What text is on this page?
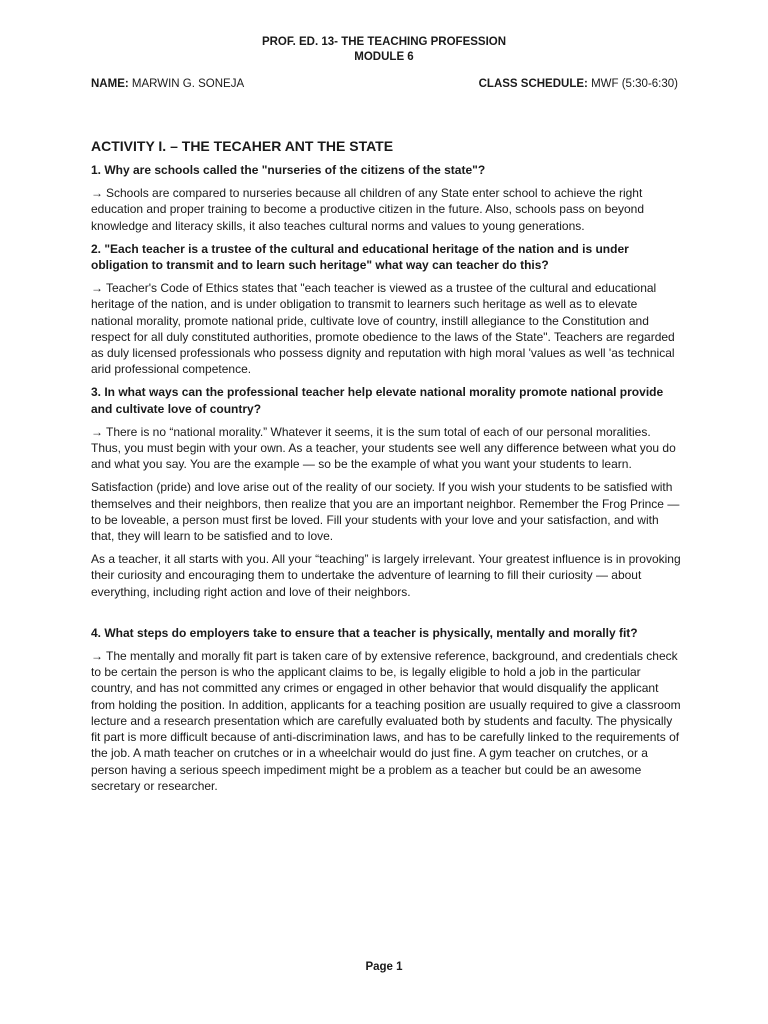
PROF. ED. 13- THE TEACHING PROFESSION
MODULE 6
NAME: MARWIN G. SONEJA	CLASS SCHEDULE: MWF (5:30-6:30)
ACTIVITY I. – THE TECAHER ANT THE STATE
1. Why are schools called the "nurseries of the citizens of the state"?
→ Schools are compared to nurseries because all children of any State enter school to achieve the right education and proper training to become a productive citizen in the future. Also, schools pass on beyond knowledge and literacy skills, it also teaches cultural norms and values to young generations.
2. "Each teacher is a trustee of the cultural and educational heritage of the nation and is under obligation to transmit and to learn such heritage" what way can teacher do this?
→ Teacher's Code of Ethics states that "each teacher is viewed as a trustee of the cultural and educational heritage of the nation, and is under obligation to transmit to learners such heritage as well as to elevate national morality, promote national pride, cultivate love of country, instill allegiance to the Constitution and respect for all duly constituted authorities, promote obedience to the laws of the State". Teachers are regarded as duly licensed professionals who possess dignity and reputation with high moral 'values as well 'as technical arid professional competence.
3. In what ways can the professional teacher help elevate national morality promote national provide and cultivate love of country?
→ There is no “national morality.” Whatever it seems, it is the sum total of each of our personal moralities. Thus, you must begin with your own. As a teacher, your students see well any difference between what you do and what you say. You are the example — so be the example of what you want your students to learn.
Satisfaction (pride) and love arise out of the reality of our society. If you wish your students to be satisfied with themselves and their neighbors, then realize that you are an important neighbor. Remember the Frog Prince — to be loveable, a person must first be loved. Fill your students with your love and your satisfaction, and with that, they will learn to be satisfied and to love.
As a teacher, it all starts with you. All your “teaching” is largely irrelevant. Your greatest influence is in provoking their curiosity and encouraging them to undertake the adventure of learning to fill their curiosity — about everything, including right action and love of their neighbors.
4. What steps do employers take to ensure that a teacher is physically, mentally and morally fit?
→ The mentally and morally fit part is taken care of by extensive reference, background, and credentials check to be certain the person is who the applicant claims to be, is legally eligible to hold a job in the particular country, and has not committed any crimes or engaged in other behavior that would disqualify the applicant from holding the position. In addition, applicants for a teaching position are usually required to give a classroom lecture and a research presentation which are carefully evaluated both by students and faculty. The physically fit part is more difficult because of anti-discrimination laws, and has to be carefully linked to the requirements of the job. A math teacher on crutches or in a wheelchair would do just fine. A gym teacher on crutches, or a person having a serious speech impediment might be a problem as a teacher but could be an awesome secretary or researcher.
Page 1
